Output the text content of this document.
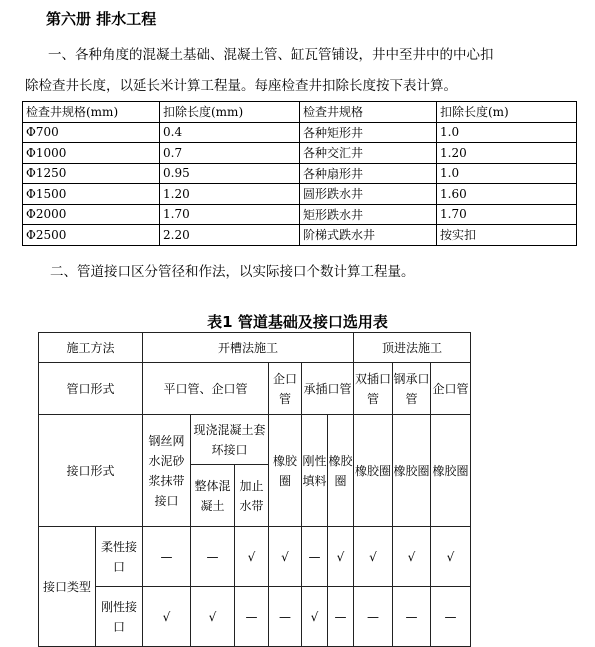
第六册 排水工程
一、各种角度的混凝土基础、混凝土管、缸瓦管铺设，井中至井中的中心扣
除检查井长度，以延长米计算工程量。每座检查井扣除长度按下表计算。
检查井规格(mm)	扣除长度(mm)	检查井规格	扣除长度(m)
Φ700	0.4	各种矩形井	1.0
Φ1000	0.7	各种交汇井	1.20
Φ1250	0.95	各种扇形井	1.0
Φ1500	1.20	圆形跌水井	1.60
Φ2000	1.70	矩形跌水井	1.70
Φ2500	2.20	阶梯式跌水井	按实扣
二、管道接口区分管径和作法，以实际接口个数计算工程量。
表1 管道基础及接口选用表
施工方法		开槽法施工						顶进法施工		
管口形式		平口管、企口管			企口管	承插口管		双插口管	钢承口管	企口管
接口形式		钢丝网水泥砂浆抹带接口	现浇混凝土套环接口		橡胶圈	刚性填料	橡胶圈	橡胶圈	橡胶圈	橡胶圈
			整体混凝土	加止水带						
接口类型	柔性接口	—	—	√	√	—	√	√	√	√
	刚性接口	√	√	—	—	√	—	—	—	—
